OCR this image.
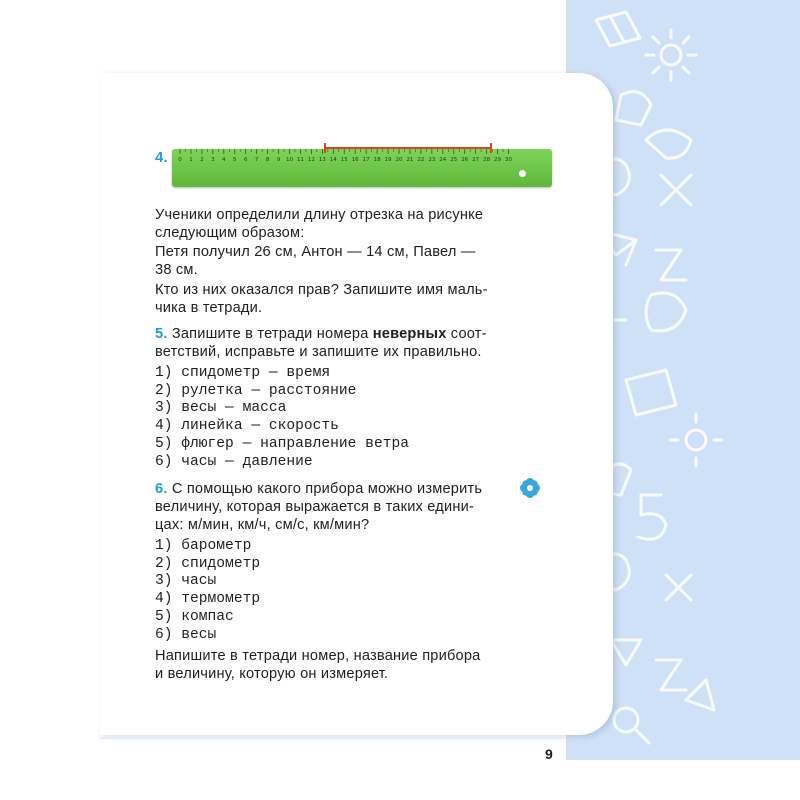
4. 0 1 2 3 4 5 6 7 8 9 10 11 12 13 14 15 16 17 18 19 20 21 22 23 24 25 26 27 28 29 30
Ученики определили длину отрезка на рисунке
следующим образом:
Петя получил 26 см, Антон — 14 см, Павел —
38 см.
Кто из них оказался прав? Запишите имя маль-
чика в тетради.
5. Запишите в тетради номера неверных соот-
ветствий, исправьте и запишите их правильно.
1) спидометр — время
2) рулетка — расстояние
3) весы — масса
4) линейка — скорость
5) флюгер — направление ветра
6) часы — давление
6. С помощью какого прибора можно измерить
величину, которая выражается в таких едини-
цах: м/мин, км/ч, см/с, км/мин?
1) барометр
2) спидометр
3) часы
4) термометр
5) компас
6) весы
Напишите в тетради номер, название прибора
и величину, которую он измеряет.
9
